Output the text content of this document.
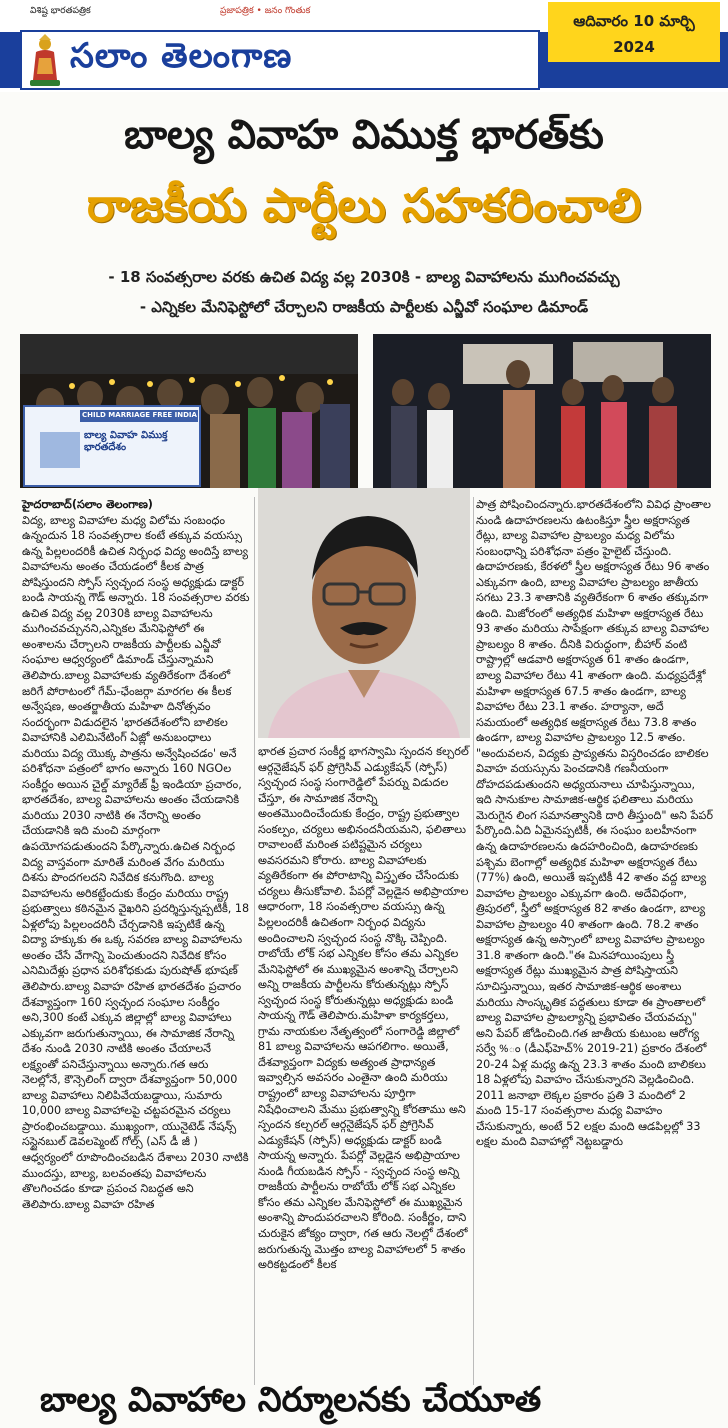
విశిష్ట భారతపత్రిక	ప్రజాపత్రిక • జనం గొంతుక
సలాం తెలంగాణ
ఆదివారం 10 మార్చి
2024
బాల్య వివాహ విముక్త భారత్‌కు
రాజకీయ పార్టీలు సహకరించాలి
- 18 సంవత్సరాల వరకు ఉచిత విద్య వల్ల 2030కి - బాల్య వివాహాలను ముగించవచ్చు
- ఎన్నికల మేనిఫెస్టోలో చేర్చాలని రాజకీయ పార్టీలకు ఎన్జీవో సంఘాల డిమాండ్
CHILD MARRIAGE FREE INDIA
బాల్య వివాహ విముక్త భారతదేశం
హైదరాబాద్(సలాం తెలంగాణ)
విద్య, బాల్య వివాహాల మధ్య విలోమ సంబంధం ఉన్నందున 18 సంవత్సరాల కంటే తక్కువ వయస్సు ఉన్న పిల్లలందరికీ ఉచిత నిర్బంధ విద్య అందిస్తే బాల్య వివాహాలను అంతం చేయడంలో కీలక పాత్ర పోషిస్తుందని స్పోస్ స్వచ్ఛంద సంస్థ అధ్యక్షుడు డాక్టర్ బండి సాయన్న గౌడ్ అన్నారు. 18 సంవత్సరాల వరకు ఉచిత విద్య వల్ల 2030కి బాల్య వివాహాలను ముగించవచ్చునని,ఎన్నికల మేనిఫెస్టోలో ఈ అంశాలను చేర్చాలని రాజకీయ పార్టీలకు ఎన్జీవో సంఘాల ఆధ్వర్యంలో డిమాండ్ చేస్తున్నామని తెలిపారు.బాల్య వివాహాలకు వ్యతిరేకంగా దేశంలో జరిగే పోరాటంలో గేమ్-ఛేంజర్గా మారగల ఈ కీలక అన్వేషణ, అంతర్జాతీయ మహిళా దినోత్సవం సందర్భంగా విడుదలైన 'భారతదేశంలోని బాలికల వివాహానికి ఎలిమినేటింగ్ ఏజ్లో అనుబంధాలు మరియు విద్య యొక్క పాత్రను అన్వేషించడం' అనే పరిశోధనా పత్రంలో భాగం అన్నారు 160 NGOల సంకీర్ణం అయిన చైల్డ్ మ్యారేజ్ ఫ్రీ ఇండియా ప్రచారం, భారతదేశం, బాల్య వివాహాలను అంతం చేయడానికి మరియు 2030 నాటికి ఈ నేరాన్ని అంతం చేయడానికి ఇది మంచి మార్గంగా ఉపయోగపడుతుందని పేర్కొన్నారు.ఉచిత నిర్బంధ విద్య వాస్తవంగా మారితే మరింత వేగం మరియు దిశను పొందగలదని నివేదిక కనుగొంది. బాల్య వివాహాలను అరికట్టేందుకు కేంద్రం మరియు రాష్ట్ర ప్రభుత్వాలు కఠినమైన వైఖరిని ప్రదర్శిస్తున్నప్పటికీ, 18 ఏళ్లలోపు పిల్లలందరినీ చేర్చడానికి ఇప్పటికే ఉన్న విద్యా హక్కుకు ఈ ఒక్క సవరణ బాల్య వివాహాలను అంతం చేసే వేగాన్ని పెంచుతుందని నివేదిక కోసం ఎనిమిదేళ్లు ప్రధాన పరిశోధకుడు పురుషోత్ భూషణ్ తెలిపారు.బాల్య వివాహ రహిత భారతదేశం ప్రచారం దేశవ్యాప్తంగా 160 స్వచ్ఛంద సంఘాల సంకీర్ణం అని,300 కంటే ఎక్కువ జిల్లాల్లో బాల్య వివాహాలు ఎక్కువగా జరుగుతున్నాయి, ఈ సామాజిక నేరాన్ని దేశం నుండి 2030 నాటికి అంతం చేయాలనే లక్ష్యంతో పనిచేస్తున్నాయి అన్నారు.గత ఆరు నెలల్లోనే, కౌన్సెలింగ్ ద్వారా దేశవ్యాప్తంగా 50,000 బాల్య వివాహాలు నిలిపివేయబడ్డాయి, సుమారు 10,000 బాల్య వివాహాలపై చట్టపరమైన చర్యలు ప్రారంభించబడ్డాయి. ముఖ్యంగా, యునైటెడ్ నేషన్స్ సస్టైనబుల్ డెవలప్మెంట్ గోల్స్ (ఎస్ డీ జీ ) ఆధ్వర్యంలో రూపొందించబడిన దేశాలు 2030 నాటికి ముందస్తు, బాల్య, బలవంతపు వివాహాలను తొలగించడం కూడా ప్రపంచ నిబద్ధత అని తెలిపారు.బాల్య వివాహ రహిత
భారత ప్రచార సంకీర్ణ భాగస్వామి స్పందన కల్చరల్ ఆర్గనైజేషన్ ఫర్ ప్రోగ్రెసివ్ ఎడ్యుకేషన్ (స్పోస్) స్వచ్ఛంద సంస్థ సంగారెడ్డిలో పేపర్ను విడుదల చేస్తూ, ఈ సామాజిక నేరాన్ని అంతమొందించేందుకు కేంద్రం, రాష్ట్ర ప్రభుత్వాల సంకల్పం, చర్యలు అభినందనీయమని, ఫలితాలు రావాలంటే మరింత పటిష్టమైన చర్యలు అవసరమని కోరారు. బాల్య వివాహాలకు వ్యతిరేకంగా ఈ పోరాటాన్ని విస్తృతం చేసేందుకు చర్యలు తీసుకోవాలి. పేపర్లో వెల్లడైన అభిప్రాయాల ఆధారంగా, 18 సంవత్సరాల వయస్సు ఉన్న పిల్లలందరికీ ఉచితంగా నిర్బంధ విద్యను అందించాలని స్వచ్ఛంద సంస్థ నొక్కి చెప్పింది. రాబోయే లోక్ సభ ఎన్నికల కోసం తమ ఎన్నికల మేనిఫెస్టోలో ఈ ముఖ్యమైన అంశాన్ని చేర్చాలని అన్ని రాజకీయ పార్టీలను కోరుతున్నట్లు స్పోస్ స్వచ్ఛంద సంస్థ కోరుతున్నట్లు అధ్యక్షుడు బండి సాయన్న గౌడ్ తెలిపారు.మహిళా కార్యకర్తలు, గ్రామ నాయకుల నేతృత్వంలో సంగారెడ్డి జిల్లాలో 81 బాల్య వివాహాలను ఆపగలిగాం. అయితే, దేశవ్యాప్తంగా విద్యకు అత్యంత ప్రాధాన్యత ఇవ్వాల్సిన అవసరం ఎంతైనా ఉంది మరియు రాష్ట్రంలో బాల్య వివాహాలను పూర్తిగా నిషేధించాలని మేము ప్రభుత్వాన్ని కోరతాము అని స్పందన కల్చరల్ ఆర్గనైజేషన్ ఫర్ ప్రోగ్రెసివ్ ఎడ్యుకేషన్ (స్పోస్) అధ్యక్షుడు డాక్టర్ బండి సాయన్న అన్నారు. పేపర్లో వెల్లడైన అభిప్రాయాల నుండి గీయబడిన స్పోస్ - స్వచ్ఛంద సంస్థ అన్ని రాజకీయ పార్టీలను రాబోయే లోక్ సభ ఎన్నికల కోసం తమ ఎన్నికల మేనిఫెస్టోలో ఈ ముఖ్యమైన అంశాన్ని పొందుపరచాలని కోరింది. సంకీర్ణం, దాని చురుకైన జోక్యం ద్వారా, గత ఆరు నెలల్లో దేశంలో జరుగుతున్న మొత్తం బాల్య వివాహాలలో 5 శాతం అరికట్టడంలో కీలక
పాత్ర పోషించిందన్నారు.భారతదేశంలోని వివిధ ప్రాంతాల నుండి ఉదాహరణలను ఉటంకిస్తూ స్త్రీల అక్షరాస్యత రేట్లు, బాల్య వివాహాల ప్రాబల్యం మధ్య విలోమ సంబంధాన్ని పరిశోధనా పత్రం హైలైట్ చేస్తుంది. ఉదాహరణకు, కేరళలో స్త్రీల అక్షరాస్యత రేటు 96 శాతం ఎక్కువగా ఉంది, బాల్య వివాహాల ప్రాబల్యం జాతీయ సగటు 23.3 శాతానికి వ్యతిరేకంగా 6 శాతం తక్కువగా ఉంది. మిజోరంలో అత్యధిక మహిళా అక్షరాస్యత రేటు 93 శాతం మరియు సాపేక్షంగా తక్కువ బాల్య వివాహాల ప్రాబల్యం 8 శాతం. దీనికి విరుద్ధంగా, బీహార్ వంటి రాష్ట్రాల్లో ఆడవారి అక్షరాస్యత 61 శాతం ఉండగా, బాల్య వివాహాల రేటు 41 శాతంగా ఉంది. మధ్యప్రదేశ్లో మహిళా అక్షరాస్యత 67.5 శాతం ఉండగా, బాల్య వివాహాల రేటు 23.1 శాతం. హర్యానా, అదే సమయంలో అత్యధిక అక్షరాస్యత రేటు 73.8 శాతం ఉండగా, బాల్య వివాహాల ప్రాబల్యం 12.5 శాతం. "అందువలన, విద్యకు ప్రాప్యతను విస్తరించడం బాలికల వివాహ వయస్సును పెంచడానికి గణనీయంగా దోహదపడుతుందని అధ్యయనాలు చూపిస్తున్నాయి, ఇది సానుకూల సామాజిక-ఆర్థిక ఫలితాలు మరియు మెరుగైన లింగ సమానత్వానికి దారి తీస్తుంది" అని పేపర్ పేర్కొంది.ఏది ఏమైనప్పటికీ, ఈ సంఘం బలహీనంగా ఉన్న ఉదాహరణలను ఉదహరించింది, ఉదాహరణకు పశ్చిమ బెంగాల్లో అత్యధిక మహిళా అక్షరాస్యత రేటు (77%) ఉంది, అయితే ఇప్పటికీ 42 శాతం వద్ద బాల్య వివాహాల ప్రాబల్యం ఎక్కువగా ఉంది. అదేవిధంగా, త్రిపురలో, స్త్రీలో అక్షరాస్యత 82 శాతం ఉండగా, బాల్య వివాహాల ప్రాబల్యం 40 శాతంగా ఉంది. 78.2 శాతం అక్షరాస్యత ఉన్న అస్సాంలో బాల్య వివాహాల ప్రాబల్యం 31.8 శాతంగా ఉంది."ఈ మినహాయింపులు స్త్రీ అక్షరాస్యత రేట్లు ముఖ్యమైన పాత్ర పోషిస్తాయని సూచిస్తున్నాయి, ఇతర సామాజిక-ఆర్థిక అంశాలు మరియు సాంస్కృతిక పద్ధతులు కూడా ఈ ప్రాంతాలలో బాల్య వివాహాల ప్రాబల్యాన్ని ప్రభావితం చేయవచ్చు" అని పేపర్ జోడించింది.గత జాతీయ కుటుంబ ఆరోగ్య సర్వే %ం (డీఎఫ్‌హెచ్% 2019-21) ప్రకారం దేశంలో 20-24 ఏళ్ల మధ్య ఉన్న 23.3 శాతం మంది బాలికలు 18 ఏళ్లలోపు వివాహం చేసుకున్నారని వెల్లడించింది. 2011 జనాభా లెక్కల ప్రకారం ప్రతి 3 మందిలో 2 మంది 15-17 సంవత్సరాల మధ్య వివాహం చేసుకున్నారు, అంటే 52 లక్షల మంది ఆడపిల్లల్లో 33 లక్షల మంది వివాహాల్లో నెట్టబడ్డారు
బాల్య వివాహాల నిర్మూలనకు చేయూత
